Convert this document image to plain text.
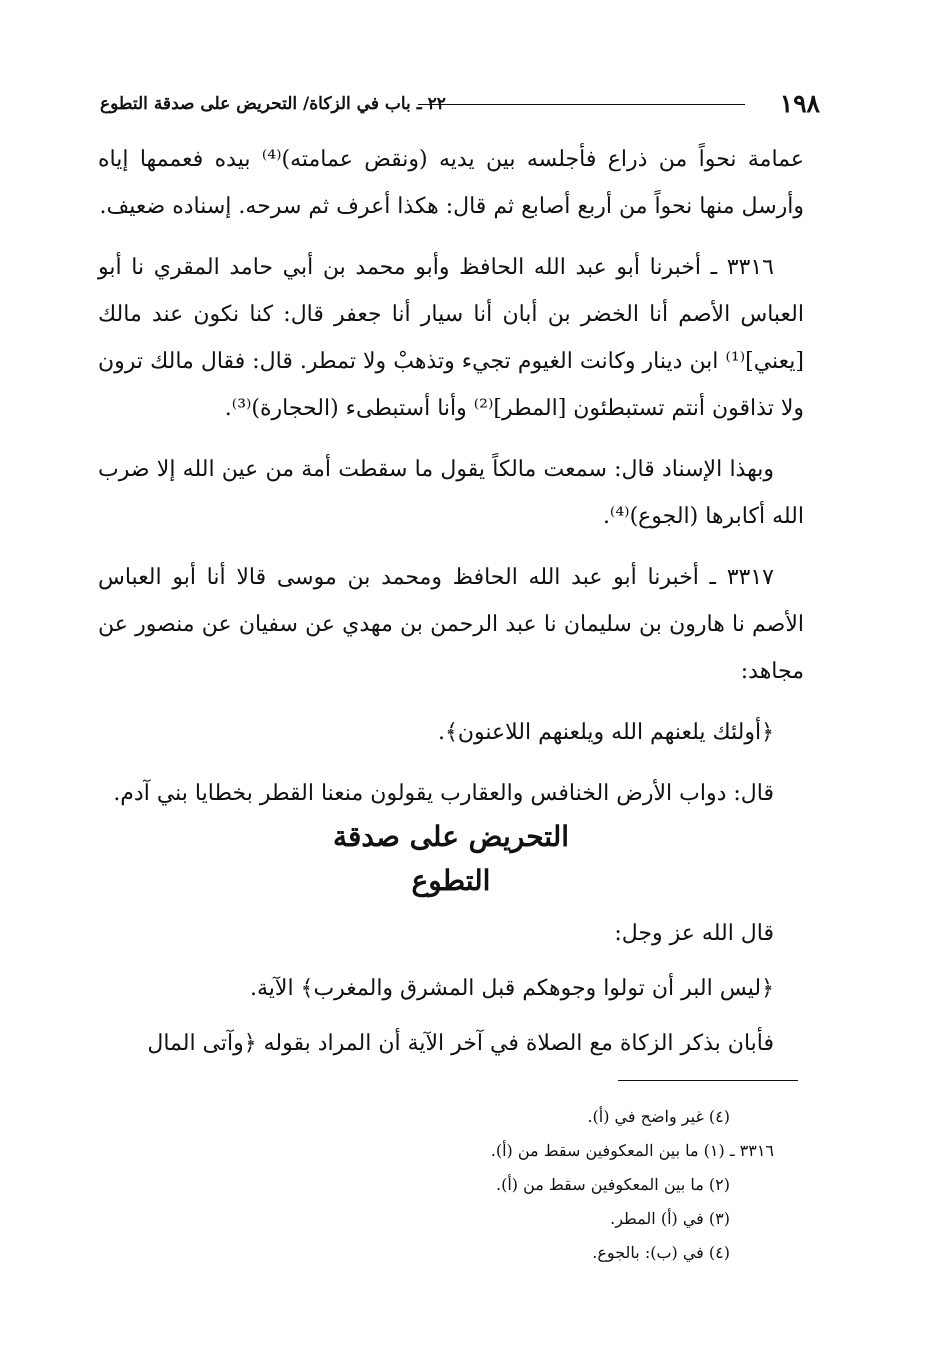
١٩٨
٢٢ ـ باب في الزكاة/ التحريض على صدقة التطوع

عمامة نحواً من ذراع فأجلسه بين يديه (ونقض عمامته)⁽⁴⁾ بيده فعممها إياه وأرسل منها نحواً من أربع أصابع ثم قال: هكذا أعرف ثم سرحه. إسناده ضعيف.

٣٣١٦ ـ أخبرنا أبو عبد الله الحافظ وأبو محمد بن أبي حامد المقري نا أبو العباس الأصم أنا الخضر بن أبان أنا سيار أنا جعفر قال: كنا نكون عند مالك [يعني]⁽¹⁾ ابن دينار وكانت الغيوم تجيء وتذهبْ ولا تمطر. قال: فقال مالك ترون ولا تذاقون أنتم تستبطئون [المطر]⁽²⁾ وأنا أستبطىء (الحجارة)⁽³⁾.

وبهذا الإسناد قال: سمعت مالكاً يقول ما سقطت أمة من عين الله إلا ضرب الله أكابرها (الجوع)⁽⁴⁾.

٣٣١٧ ـ أخبرنا أبو عبد الله الحافظ ومحمد بن موسى قالا أنا أبو العباس الأصم نا هارون بن سليمان نا عبد الرحمن بن مهدي عن سفيان عن منصور عن مجاهد:

﴿أولئك يلعنهم الله ويلعنهم اللاعنون﴾.

قال: دواب الأرض الخنافس والعقارب يقولون منعنا القطر بخطايا بني آدم.

التحريض على صدقة
التطوع

قال الله عز وجل:

﴿ليس البر أن تولوا وجوهكم قبل المشرق والمغرب﴾ الآية.

فأبان بذكر الزكاة مع الصلاة في آخر الآية أن المراد بقوله ﴿وآتى المال

(٤) غير واضح في (أ).
٣٣١٦ ـ (١) ما بين المعكوفين سقط من (أ).
(٢) ما بين المعكوفين سقط من (أ).
(٣) في (أ) المطر.
(٤) في (ب): بالجوع.
